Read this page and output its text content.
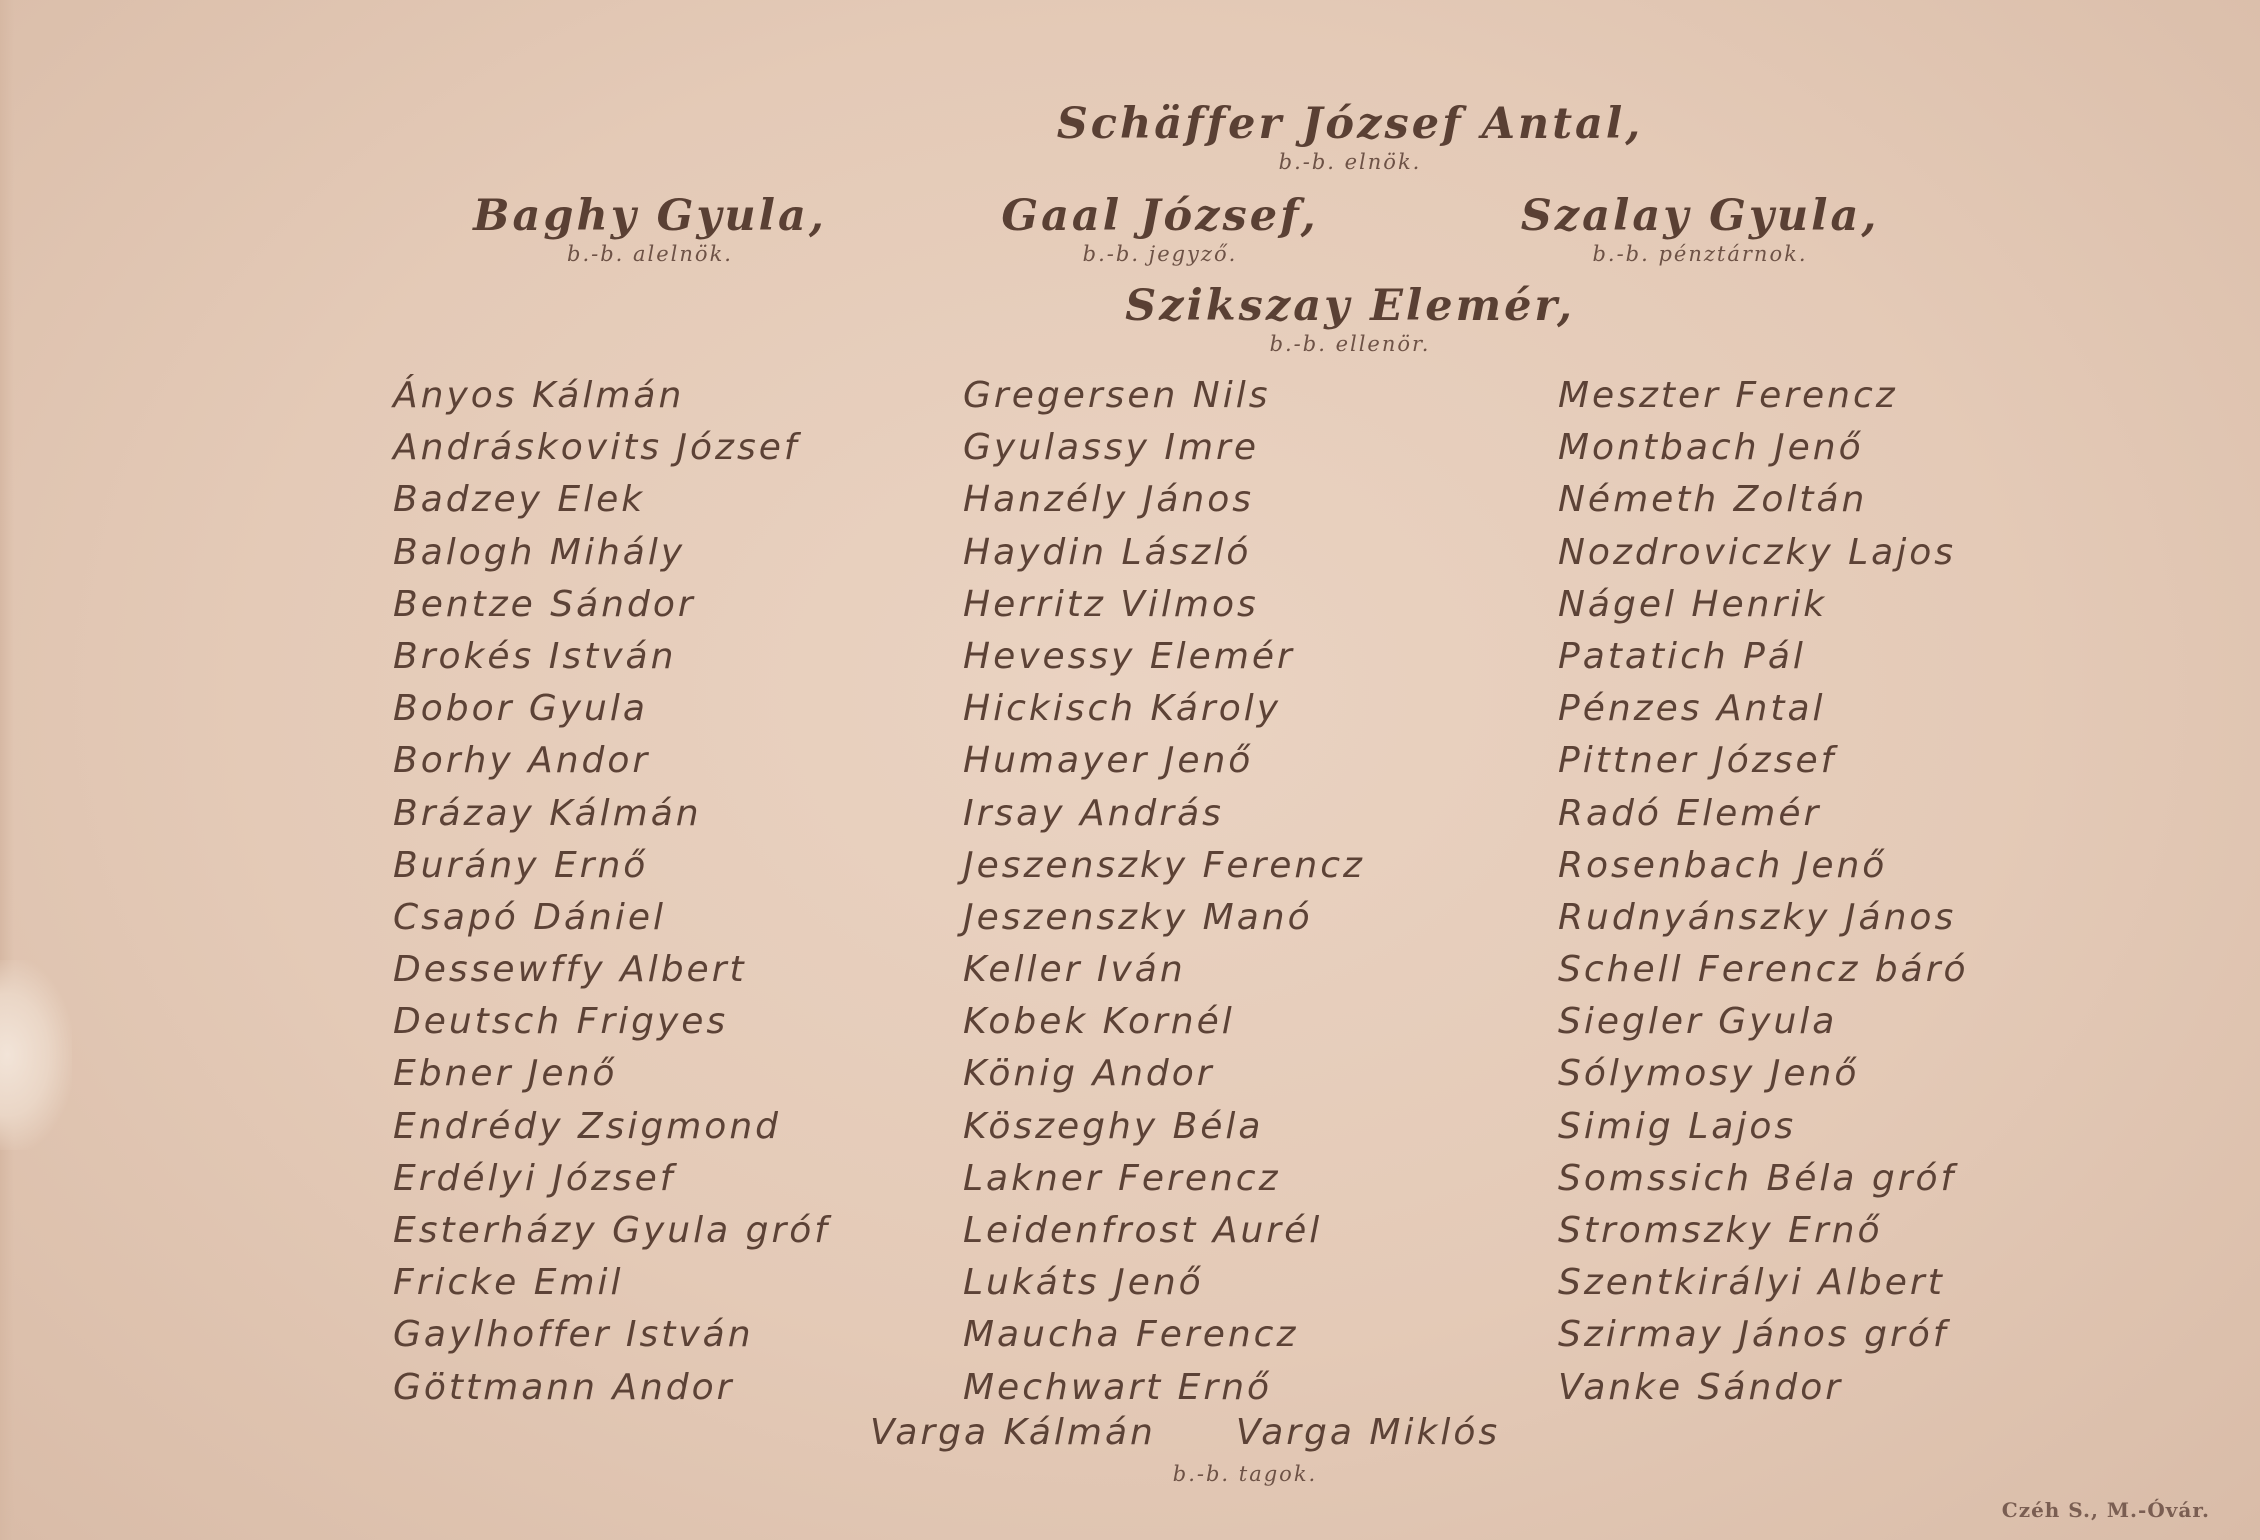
Schäffer József Antal,
b.-b. elnök.
Baghy Gyula,
b.-b. alelnök.
Gaal József,
b.-b. jegyző.
Szalay Gyula,
b.-b. pénztárnok.
Szikszay Elemér,
b.-b. ellenör.
Ányos Kálmán
Andráskovits József
Badzey Elek
Balogh Mihály
Bentze Sándor
Brokés István
Bobor Gyula
Borhy Andor
Brázay Kálmán
Burány Ernő
Csapó Dániel
Dessewffy Albert
Deutsch Frigyes
Ebner Jenő
Endrédy Zsigmond
Erdélyi József
Esterházy Gyula gróf
Fricke Emil
Gaylhoffer István
Göttmann Andor
Gregersen Nils
Gyulassy Imre
Hanzély János
Haydin László
Herritz Vilmos
Hevessy Elemér
Hickisch Károly
Humayer Jenő
Irsay András
Jeszenszky Ferencz
Jeszenszky Manó
Keller Iván
Kobek Kornél
König Andor
Köszeghy Béla
Lakner Ferencz
Leidenfrost Aurél
Lukáts Jenő
Maucha Ferencz
Mechwart Ernő
Meszter Ferencz
Montbach Jenő
Németh Zoltán
Nozdroviczky Lajos
Nágel Henrik
Patatich Pál
Pénzes Antal
Pittner József
Radó Elemér
Rosenbach Jenő
Rudnyánszky János
Schell Ferencz báró
Siegler Gyula
Sólymosy Jenő
Simig Lajos
Somssich Béla gróf
Stromszky Ernő
Szentkirályi Albert
Szirmay János gróf
Vanke Sándor
Varga Kálmán Varga Miklós
b.-b. tagok.
Czéh S., M.-Óvár.
